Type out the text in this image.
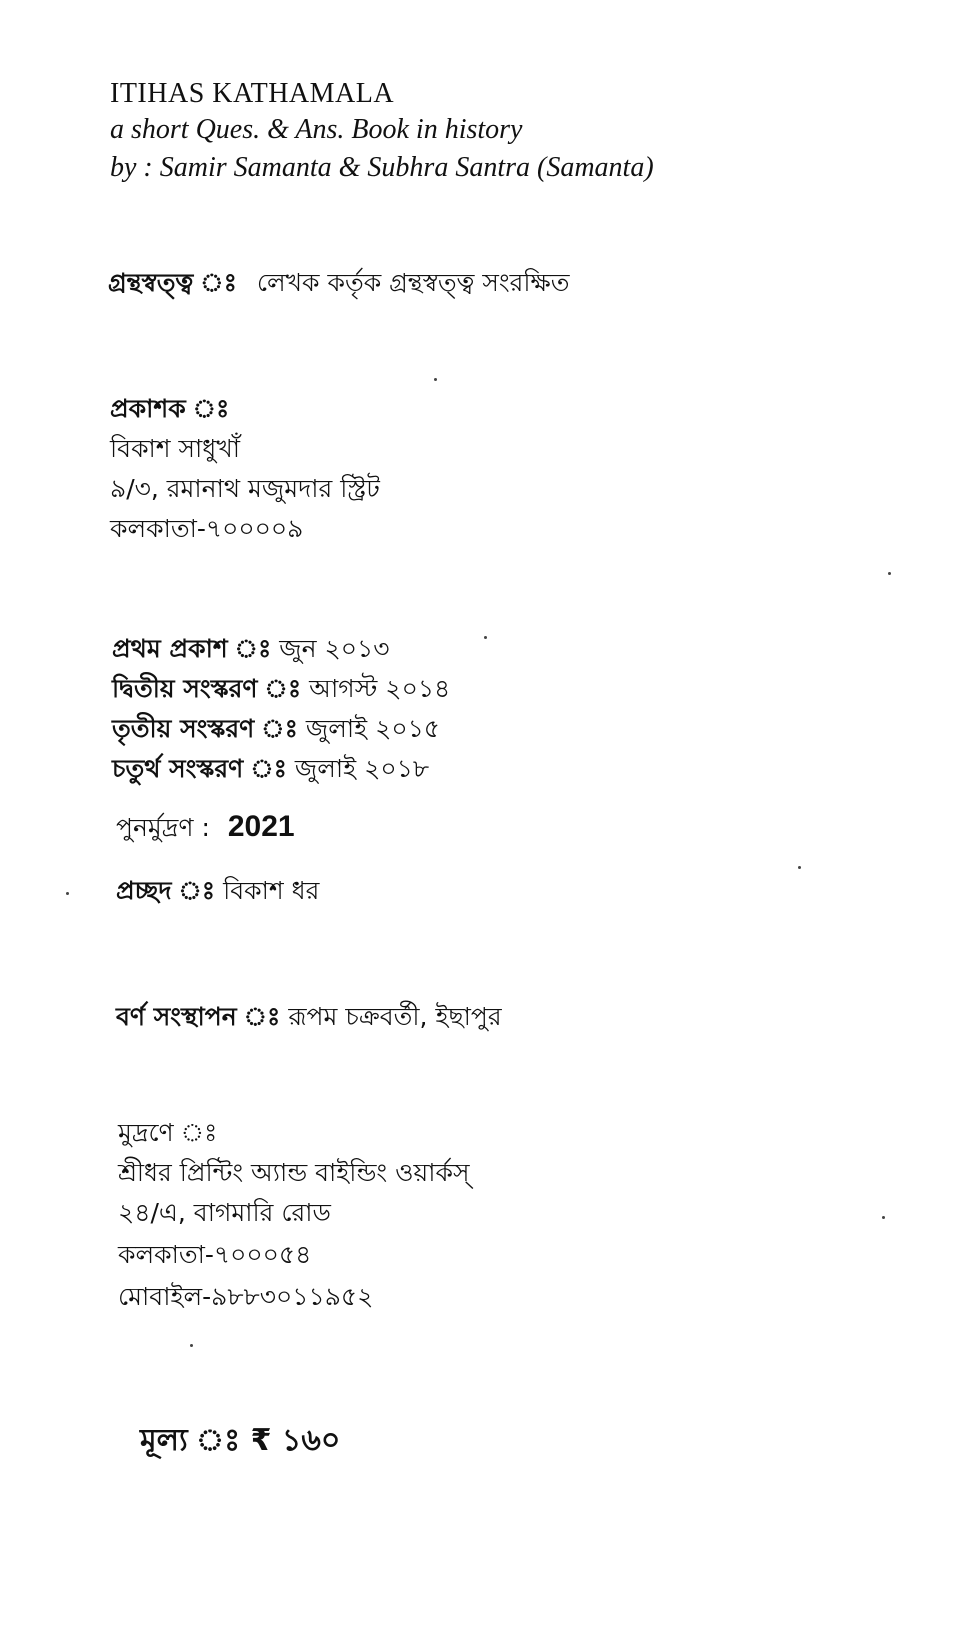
ITIHAS KATHAMALA
a short Ques. & Ans. Book in history
by : Samir Samanta & Subhra Santra (Samanta)
গ্রন্থস্বত্ত্ব ঃ লেখক কর্তৃক গ্রন্থস্বত্ত্ব সংরক্ষিত
প্রকাশক ঃ
বিকাশ সাধুখাঁ
৯/৩, রমানাথ মজুমদার স্ট্রিট
কলকাতা-৭০০০০৯
প্রথম প্রকাশ ঃ জুন ২০১৩
দ্বিতীয় সংস্করণ ঃ আগস্ট ২০১৪
তৃতীয় সংস্করণ ঃ জুলাই ২০১৫
চতুর্থ সংস্করণ ঃ জুলাই ২০১৮
পুনর্মুদ্রণ : 2021
প্রচ্ছদ ঃ বিকাশ ধর
বর্ণ সংস্থাপন ঃ রূপম চক্রবর্তী, ইছাপুর
মুদ্রণে ঃ
শ্রীধর প্রিন্টিং অ্যান্ড বাইন্ডিং ওয়ার্কস্
২৪/এ, বাগমারি রোড
কলকাতা-৭০০০৫৪
মোবাইল-৯৮৮৩০১১৯৫২
মূল্য ঃ ₹ ১৬০
